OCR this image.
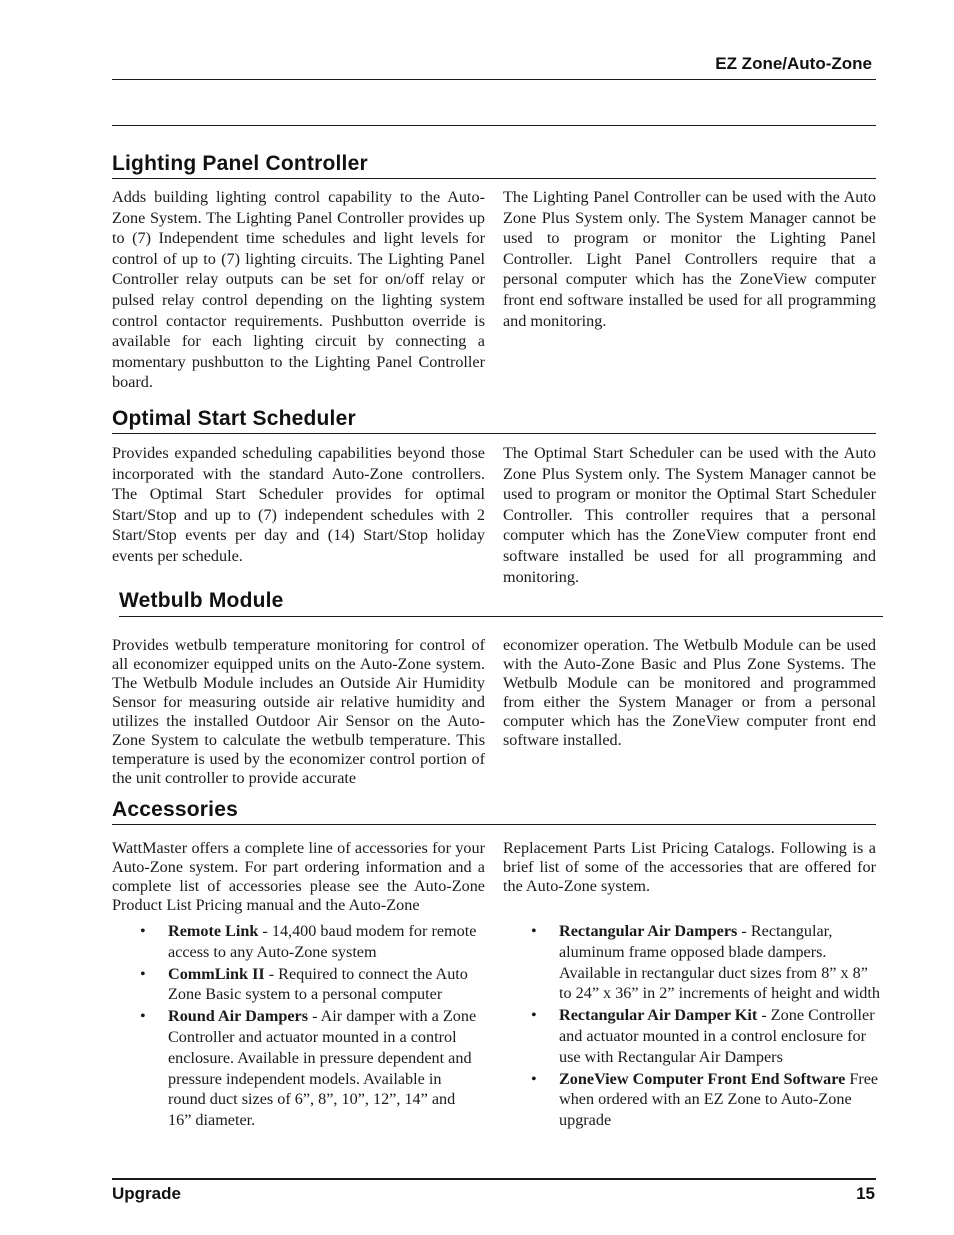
EZ Zone/Auto-Zone
Lighting Panel Controller
Adds building lighting control capability to the Auto-Zone System. The Lighting Panel Controller provides up to (7) Independent time schedules and light levels for control of up to (7) lighting circuits. The Lighting Panel Controller relay outputs can be set for on/off relay or pulsed relay control depending on the lighting system control contactor requirements. Pushbutton override is available for each lighting circuit by connecting a momentary pushbutton to the Lighting Panel Controller board.
The Lighting Panel Controller can be used with the Auto Zone Plus System only. The System Manager cannot be used to program or monitor the Lighting Panel Controller. Light Panel Controllers require that a personal computer which has the ZoneView computer front end software installed be used for all programming and monitoring.
Optimal Start Scheduler
Provides expanded scheduling capabilities beyond those incorporated with the standard Auto-Zone controllers. The Optimal Start Scheduler provides for optimal Start/Stop and up to (7) independent schedules with 2 Start/Stop events per day and (14) Start/Stop holiday events per schedule.
The Optimal Start Scheduler can be used with the Auto Zone Plus System only. The System Manager cannot be used to program or monitor the Optimal Start Scheduler Controller. This controller requires that a personal computer which has the ZoneView computer front end software installed be used for all programming and monitoring.
Wetbulb Module
Provides wetbulb temperature monitoring for control of all economizer equipped units on the Auto-Zone system. The Wetbulb Module includes an Outside Air Humidity Sensor for measuring outside air relative humidity and utilizes the installed Outdoor Air Sensor on the Auto-Zone System to calculate the wetbulb temperature. This temperature is used by the economizer control portion of the unit controller to provide accurate
economizer operation. The Wetbulb Module can be used with the Auto-Zone Basic and Plus Zone Systems. The Wetbulb Module can be monitored and programmed from either the System Manager or from a personal computer which has the ZoneView computer front end software installed.
Accessories
WattMaster offers a complete line of accessories for your Auto-Zone system. For part ordering information and a complete list of accessories please see the Auto-Zone Product List Pricing manual and the Auto-Zone
Replacement Parts List Pricing Catalogs. Following is a brief list of some of the accessories that are offered for the Auto-Zone system.
• Remote Link - 14,400 baud modem for remote access to any Auto-Zone system
• CommLink II - Required to connect the Auto Zone Basic system to a personal computer
• Round Air Dampers - Air damper with a Zone Controller and actuator mounted in a control enclosure. Available in pressure dependent and pressure independent models. Available in round duct sizes of 6”, 8”, 10”, 12”, 14” and 16” diameter.
• Rectangular Air Dampers - Rectangular, aluminum frame opposed blade dampers. Available in rectangular duct sizes from 8” x 8” to 24” x 36” in 2” increments of height and width
• Rectangular Air Damper Kit - Zone Controller and actuator mounted in a control enclosure for use with Rectangular Air Dampers
• ZoneView Computer Front End Software Free when ordered with an EZ Zone to Auto-Zone upgrade
Upgrade	15
